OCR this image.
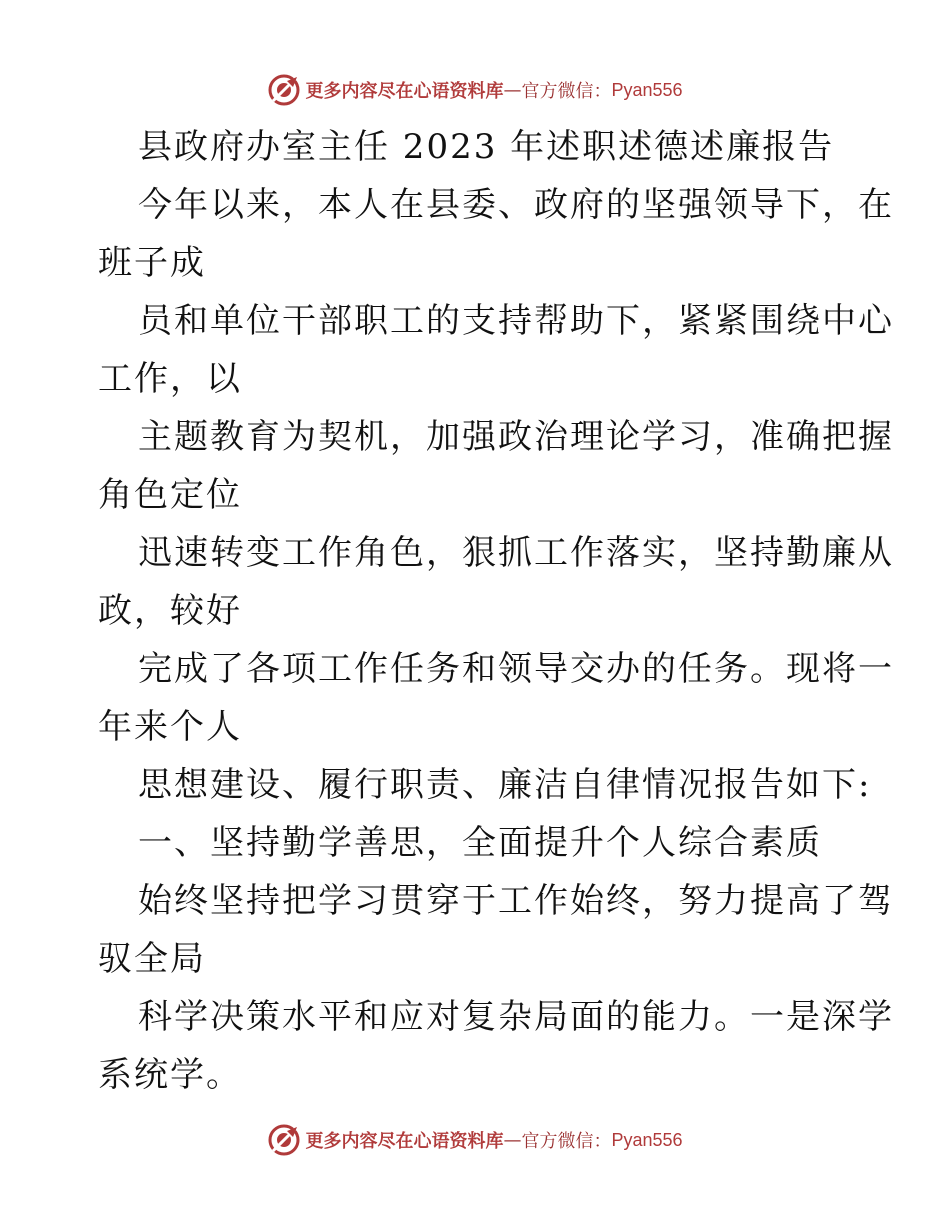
更多内容尽在心语资料库 — 官方微信： Pyan556
县政府办室主任 2023 年述职述德述廉报告
今年以来，本人在县委、政府的坚强领导下，在
班子成
员和单位干部职工的支持帮助下，紧紧围绕中心
工作，以
主题教育为契机，加强政治理论学习，准确把握
角色定位
迅速转变工作角色，狠抓工作落实，坚持勤廉从
政，较好
完成了各项工作任务和领导交办的任务。现将一
年来个人
思想建设、履行职责、廉洁自律情况报告如下:
一、坚持勤学善思，全面提升个人综合素质
始终坚持把学习贯穿于工作始终，努力提高了驾
驭全局
科学决策水平和应对复杂局面的能力。一是深学
系统学。
更多内容尽在心语资料库 — 官方微信： Pyan556
